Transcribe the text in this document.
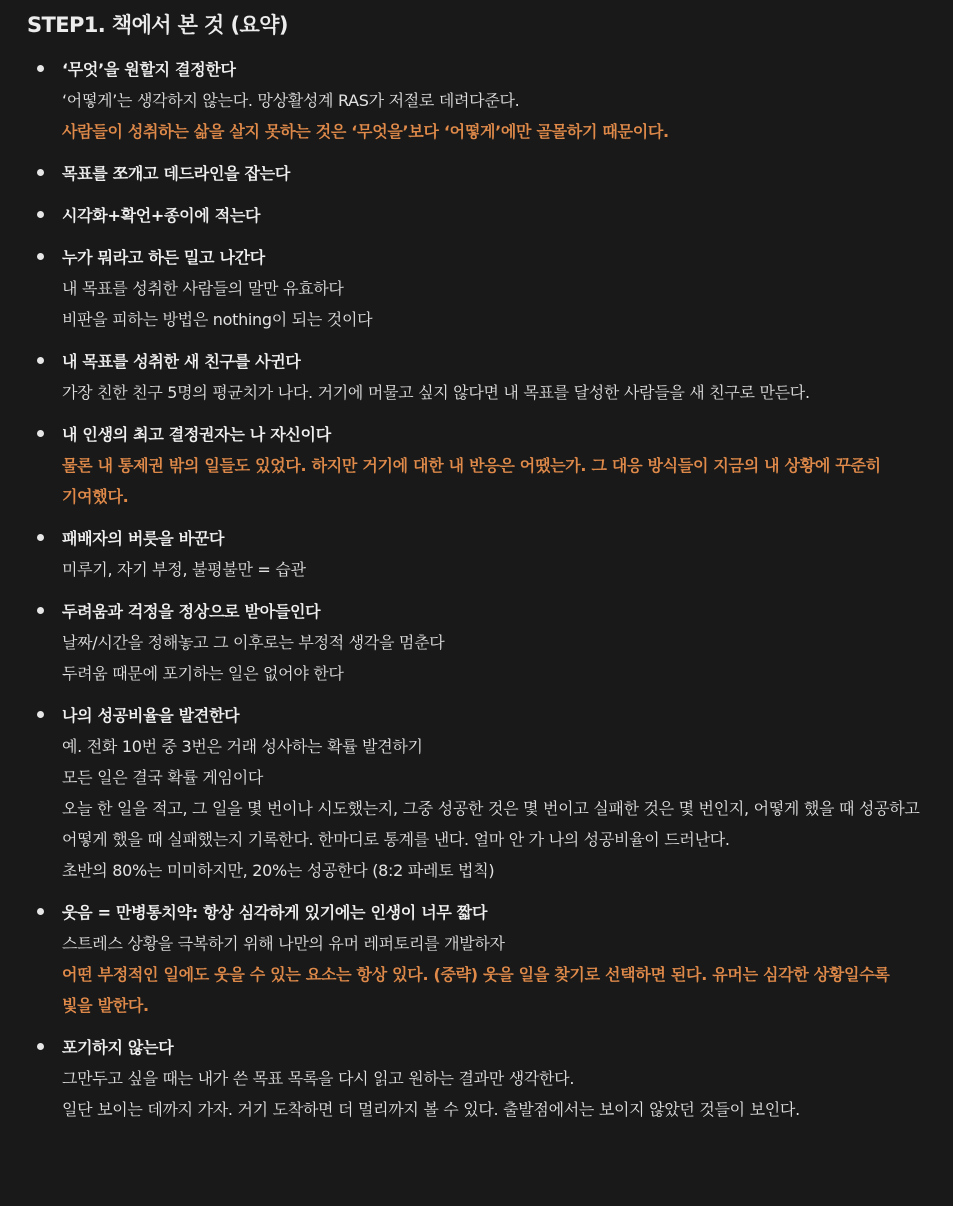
STEP1. 책에서 본 것 (요약)
‘무엇’을 원할지 결정한다
‘어떻게’는 생각하지 않는다. 망상활성계 RAS가 저절로 데려다준다.
사람들이 성취하는 삶을 살지 못하는 것은 ‘무엇을’보다 ‘어떻게’에만 골몰하기 때문이다.
목표를 쪼개고 데드라인을 잡는다
시각화+확언+종이에 적는다
누가 뭐라고 하든 밀고 나간다
내 목표를 성취한 사람들의 말만 유효하다
비판을 피하는 방법은 nothing이 되는 것이다
내 목표를 성취한 새 친구를 사귄다
가장 친한 친구 5명의 평균치가 나다. 거기에 머물고 싶지 않다면 내 목표를 달성한 사람들을 새 친구로 만든다.
내 인생의 최고 결정권자는 나 자신이다
물론 내 통제권 밖의 일들도 있었다. 하지만 거기에 대한 내 반응은 어땠는가. 그 대응 방식들이 지금의 내 상황에 꾸준히 기여했다.
패배자의 버릇을 바꾼다
미루기, 자기 부정, 불평불만 = 습관
두려움과 걱정을 정상으로 받아들인다
날짜/시간을 정해놓고 그 이후로는 부정적 생각을 멈춘다
두려움 때문에 포기하는 일은 없어야 한다
나의 성공비율을 발견한다
예. 전화 10번 중 3번은 거래 성사하는 확률 발견하기
모든 일은 결국 확률 게임이다
오늘 한 일을 적고, 그 일을 몇 번이나 시도했는지, 그중 성공한 것은 몇 번이고 실패한 것은 몇 번인지, 어떻게 했을 때 성공하고 어떻게 했을 때 실패했는지 기록한다. 한마디로 통계를 낸다. 얼마 안 가 나의 성공비율이 드러난다.
초반의 80%는 미미하지만, 20%는 성공한다 (8:2 파레토 법칙)
웃음 = 만병통치약: 항상 심각하게 있기에는 인생이 너무 짧다
스트레스 상황을 극복하기 위해 나만의 유머 레퍼토리를 개발하자
어떤 부정적인 일에도 웃을 수 있는 요소는 항상 있다. (중략) 웃을 일을 찾기로 선택하면 된다. 유머는 심각한 상황일수록 빛을 발한다.
포기하지 않는다
그만두고 싶을 때는 내가 쓴 목표 목록을 다시 읽고 원하는 결과만 생각한다.
일단 보이는 데까지 가자. 거기 도착하면 더 멀리까지 볼 수 있다. 출발점에서는 보이지 않았던 것들이 보인다.
